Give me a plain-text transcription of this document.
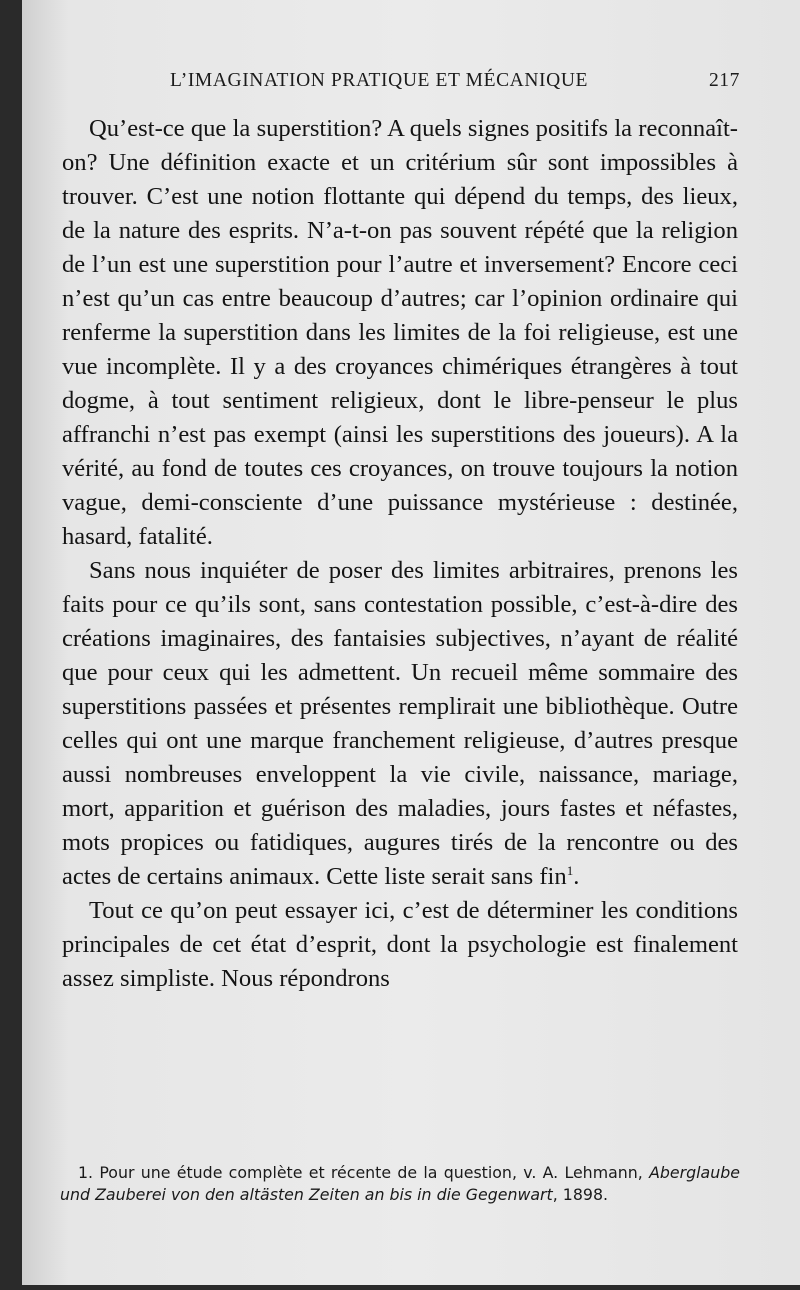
L’IMAGINATION PRATIQUE ET MÉCANIQUE	217

Qu’est-ce que la superstition? A quels signes positifs la reconnaît-on? Une définition exacte et un critérium sûr sont impossibles à trouver. C’est une notion flottante qui dépend du temps, des lieux, de la nature des esprits. N’a-t-on pas souvent répété que la religion de l’un est une superstition pour l’autre et inversement? Encore ceci n’est qu’un cas entre beaucoup d’autres; car l’opinion ordinaire qui renferme la superstition dans les limites de la foi religieuse, est une vue incomplète. Il y a des croyances chimériques étrangères à tout dogme, à tout sentiment religieux, dont le libre-penseur le plus affranchi n’est pas exempt (ainsi les superstitions des joueurs). A la vérité, au fond de toutes ces croyances, on trouve toujours la notion vague, demi-consciente d’une puissance mystérieuse : destinée, hasard, fatalité.

Sans nous inquiéter de poser des limites arbitraires, prenons les faits pour ce qu’ils sont, sans contestation possible, c’est-à-dire des créations imaginaires, des fantaisies subjectives, n’ayant de réalité que pour ceux qui les admettent. Un recueil même sommaire des superstitions passées et présentes remplirait une bibliothèque. Outre celles qui ont une marque franchement religieuse, d’autres presque aussi nombreuses enveloppent la vie civile, naissance, mariage, mort, apparition et guérison des maladies, jours fastes et néfastes, mots propices ou fatidiques, augures tirés de la rencontre ou des actes de certains animaux. Cette liste serait sans fin$^1$.

Tout ce qu’on peut essayer ici, c’est de déterminer les conditions principales de cet état d’esprit, dont la psychologie est finalement assez simpliste. Nous répondrons

1. Pour une étude complète et récente de la question, v. A. Lehmann, Aberglaube und Zauberei von den altästen Zeiten an bis in die Gegenwart, 1898.
